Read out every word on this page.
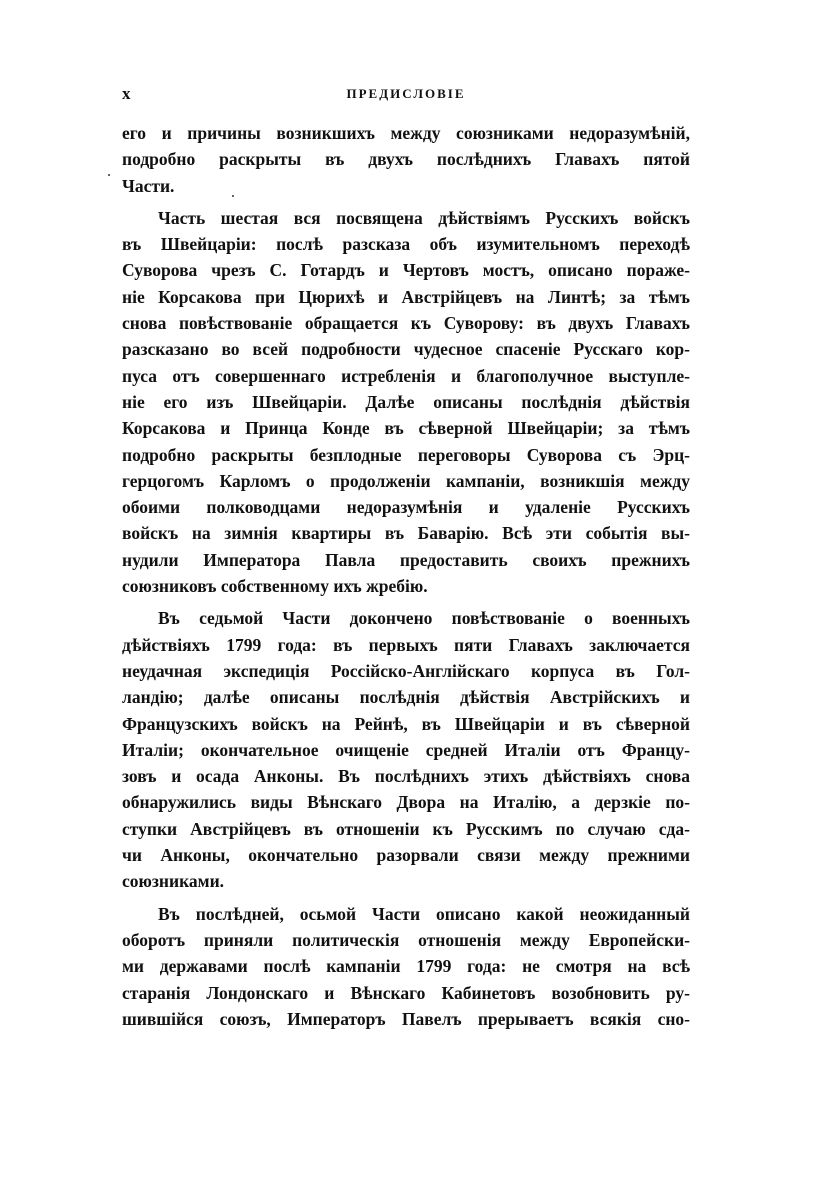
x	ПРЕДИСЛОВІЕ
его и причины возникшихъ между союзниками недоразумѣній,
подробно раскрыты въ двухъ послѣднихъ Главахъ пятой
Части.
Часть шестая вся посвящена дѣйствіямъ Русскихъ войскъ
въ Швейцаріи: послѣ разсказа объ изумительномъ переходѣ
Суворова чрезъ С. Готардъ и Чертовъ мостъ, описано пораже-
ніе Корсакова при Цюрихѣ и Австрійцевъ на Линтѣ; за тѣмъ
снова повѣствованіе обращается къ Суворову: въ двухъ Главахъ
разсказано во всей подробности чудесное спасеніе Русскаго кор-
пуса отъ совершеннаго истребленія и благополучное выступле-
ніе его изъ Швейцаріи. Далѣе описаны послѣднія дѣйствія
Корсакова и Принца Конде въ сѣверной Швейцаріи; за тѣмъ
подробно раскрыты безплодные переговоры Суворова съ Эрц-
герцогомъ Карломъ о продолженіи кампаніи, возникшія между
обоими полководцами недоразумѣнія и удаленіе Русскихъ
войскъ на зимнія квартиры въ Баварію. Всѣ эти событія вы-
нудили Императора Павла предоставить своихъ прежнихъ
союзниковъ собственному ихъ жребію.
Въ седьмой Части докончено повѣствованіе о военныхъ
дѣйствіяхъ 1799 года: въ первыхъ пяти Главахъ заключается
неудачная экспедиція Россійско-Англійскаго корпуса въ Гол-
ландію; далѣе описаны послѣднія дѣйствія Австрійскихъ и
Французскихъ войскъ на Рейнѣ, въ Швейцаріи и въ сѣверной
Италіи; окончательное очищеніе средней Италіи отъ Францу-
зовъ и осада Анконы. Въ послѣднихъ этихъ дѣйствіяхъ снова
обнаружились виды Вѣнскаго Двора на Италію, а дерзкіе по-
ступки Австрійцевъ въ отношеніи къ Русскимъ по случаю сда-
чи Анконы, окончательно разорвали связи между прежними
союзниками.
Въ послѣдней, осьмой Части описано какой неожиданный
оборотъ приняли политическія отношенія между Европейски-
ми державами послѣ кампаніи 1799 года: не смотря на всѣ
старанія Лондонскаго и Вѣнскаго Кабинетовъ возобновить ру-
шившійся союзъ, Императоръ Павелъ прерываетъ всякія сно-
